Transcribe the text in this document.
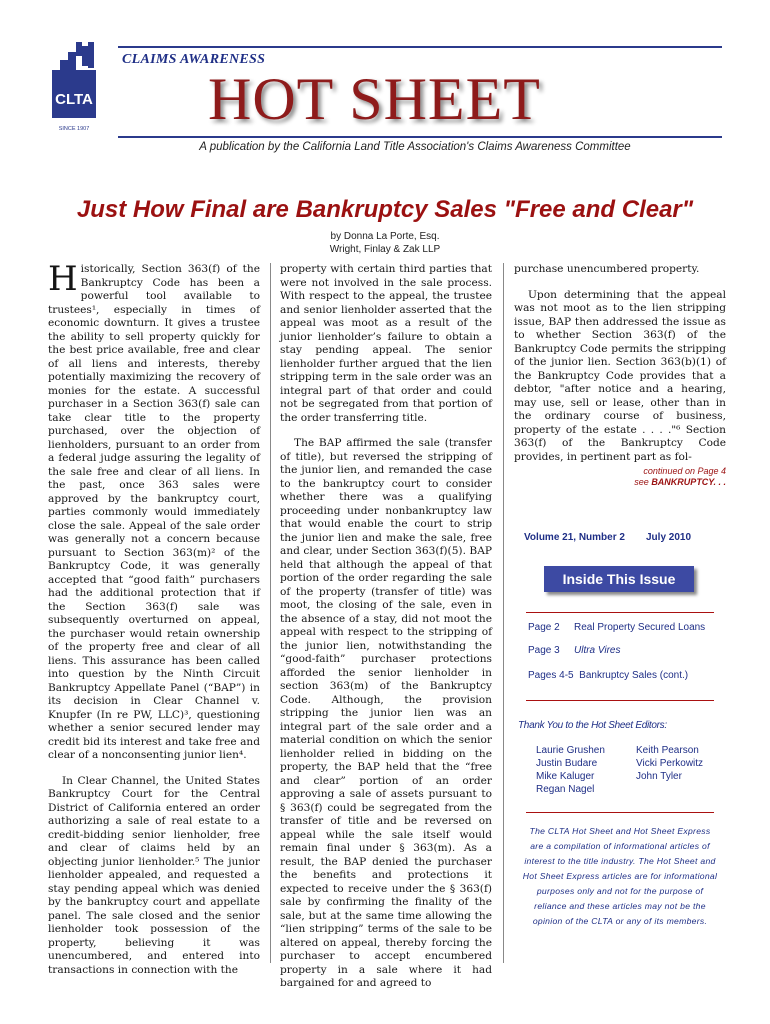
CLTA
SINCE 1907
CLAIMS AWARENESS
HOT SHEET
A publication by the California Land Title Association's Claims Awareness Committee
Just How Final are Bankruptcy Sales "Free and Clear"
by Donna La Porte, Esq.
Wright, Finlay & Zak LLP

Historically, Section 363(f) of the Bankruptcy Code has been a powerful tool available to trustees¹, especially in times of economic downturn. It gives a trustee the ability to sell property quickly for the best price available, free and clear of all liens and interests, thereby potentially maximizing the recovery of monies for the estate. A successful purchaser in a Section 363(f) sale can take clear title to the property purchased, over the objection of lienholders, pursuant to an order from a federal judge assuring the legality of the sale free and clear of all liens. In the past, once 363 sales were approved by the bankruptcy court, parties commonly would immediately close the sale. Appeal of the sale order was generally not a concern because pursuant to Section 363(m)² of the Bankruptcy Code, it was generally accepted that “good faith” purchasers had the additional protection that if the Section 363(f) sale was subsequently overturned on appeal, the purchaser would retain ownership of the property free and clear of all liens. This assurance has been called into question by the Ninth Circuit Bankruptcy Appellate Panel (“BAP”) in its decision in Clear Channel v. Knupfer (In re PW, LLC)³, questioning whether a senior secured lender may credit bid its interest and take free and clear of a nonconsenting junior lien⁴.

In Clear Channel, the United States Bankruptcy Court for the Central District of California entered an order authorizing a sale of real estate to a credit-bidding senior lienholder, free and clear of claims held by an objecting junior lienholder.⁵ The junior lienholder appealed, and requested a stay pending appeal which was denied by the bankruptcy court and appellate panel. The sale closed and the senior lienholder took possession of the property, believing it was unencumbered, and entered into transactions in connection with the

property with certain third parties that were not involved in the sale process. With respect to the appeal, the trustee and senior lienholder asserted that the appeal was moot as a result of the junior lienholder’s failure to obtain a stay pending appeal. The senior lienholder further argued that the lien stripping term in the sale order was an integral part of that order and could not be segregated from that portion of the order transferring title.

The BAP affirmed the sale (transfer of title), but reversed the stripping of the junior lien, and remanded the case to the bankruptcy court to consider whether there was a qualifying proceeding under nonbankruptcy law that would enable the court to strip the junior lien and make the sale, free and clear, under Section 363(f)(5). BAP held that although the appeal of that portion of the order regarding the sale of the property (transfer of title) was moot, the closing of the sale, even in the absence of a stay, did not moot the appeal with respect to the stripping of the junior lien, notwithstanding the “good-faith” purchaser protections afforded the senior lienholder in section 363(m) of the Bankruptcy Code. Although, the provision stripping the junior lien was an integral part of the sale order and a material condition on which the senior lienholder relied in bidding on the property, the BAP held that the “free and clear” portion of an order approving a sale of assets pursuant to § 363(f) could be segregated from the transfer of title and be reversed on appeal while the sale itself would remain final under § 363(m). As a result, the BAP denied the purchaser the benefits and protections it expected to receive under the § 363(f) sale by confirming the finality of the sale, but at the same time allowing the “lien stripping” terms of the sale to be altered on appeal, thereby forcing the purchaser to accept encumbered property in a sale where it had bargained for and agreed to

purchase unencumbered property.

Upon determining that the appeal was not moot as to the lien stripping issue, BAP then addressed the issue as to whether Section 363(f) of the Bankruptcy Code permits the stripping of the junior lien. Section 363(b)(1) of the Bankruptcy Code provides that a debtor, "after notice and a hearing, may use, sell or lease, other than in the ordinary course of business, property of the estate . . . ."⁶ Section 363(f) of the Bankruptcy Code provides, in pertinent part as fol-

continued on Page 4
see BANKRUPTCY. . .
Volume 21, Number 2 July 2010
Inside This Issue
Page 2 Real Property Secured Loans
Page 3 Ultra Vires
Pages 4-5 Bankruptcy Sales (cont.)
Thank You to the Hot Sheet Editors:
Laurie Grushen
Justin Budare
Mike Kaluger
Regan Nagel
Keith Pearson
Vicki Perkowitz
John Tyler
The CLTA Hot Sheet and Hot Sheet Express are a compilation of informational articles of interest to the title industry. The Hot Sheet and Hot Sheet Express articles are for informational purposes only and not for the purpose of reliance and these articles may not be the opinion of the CLTA or any of its members.
